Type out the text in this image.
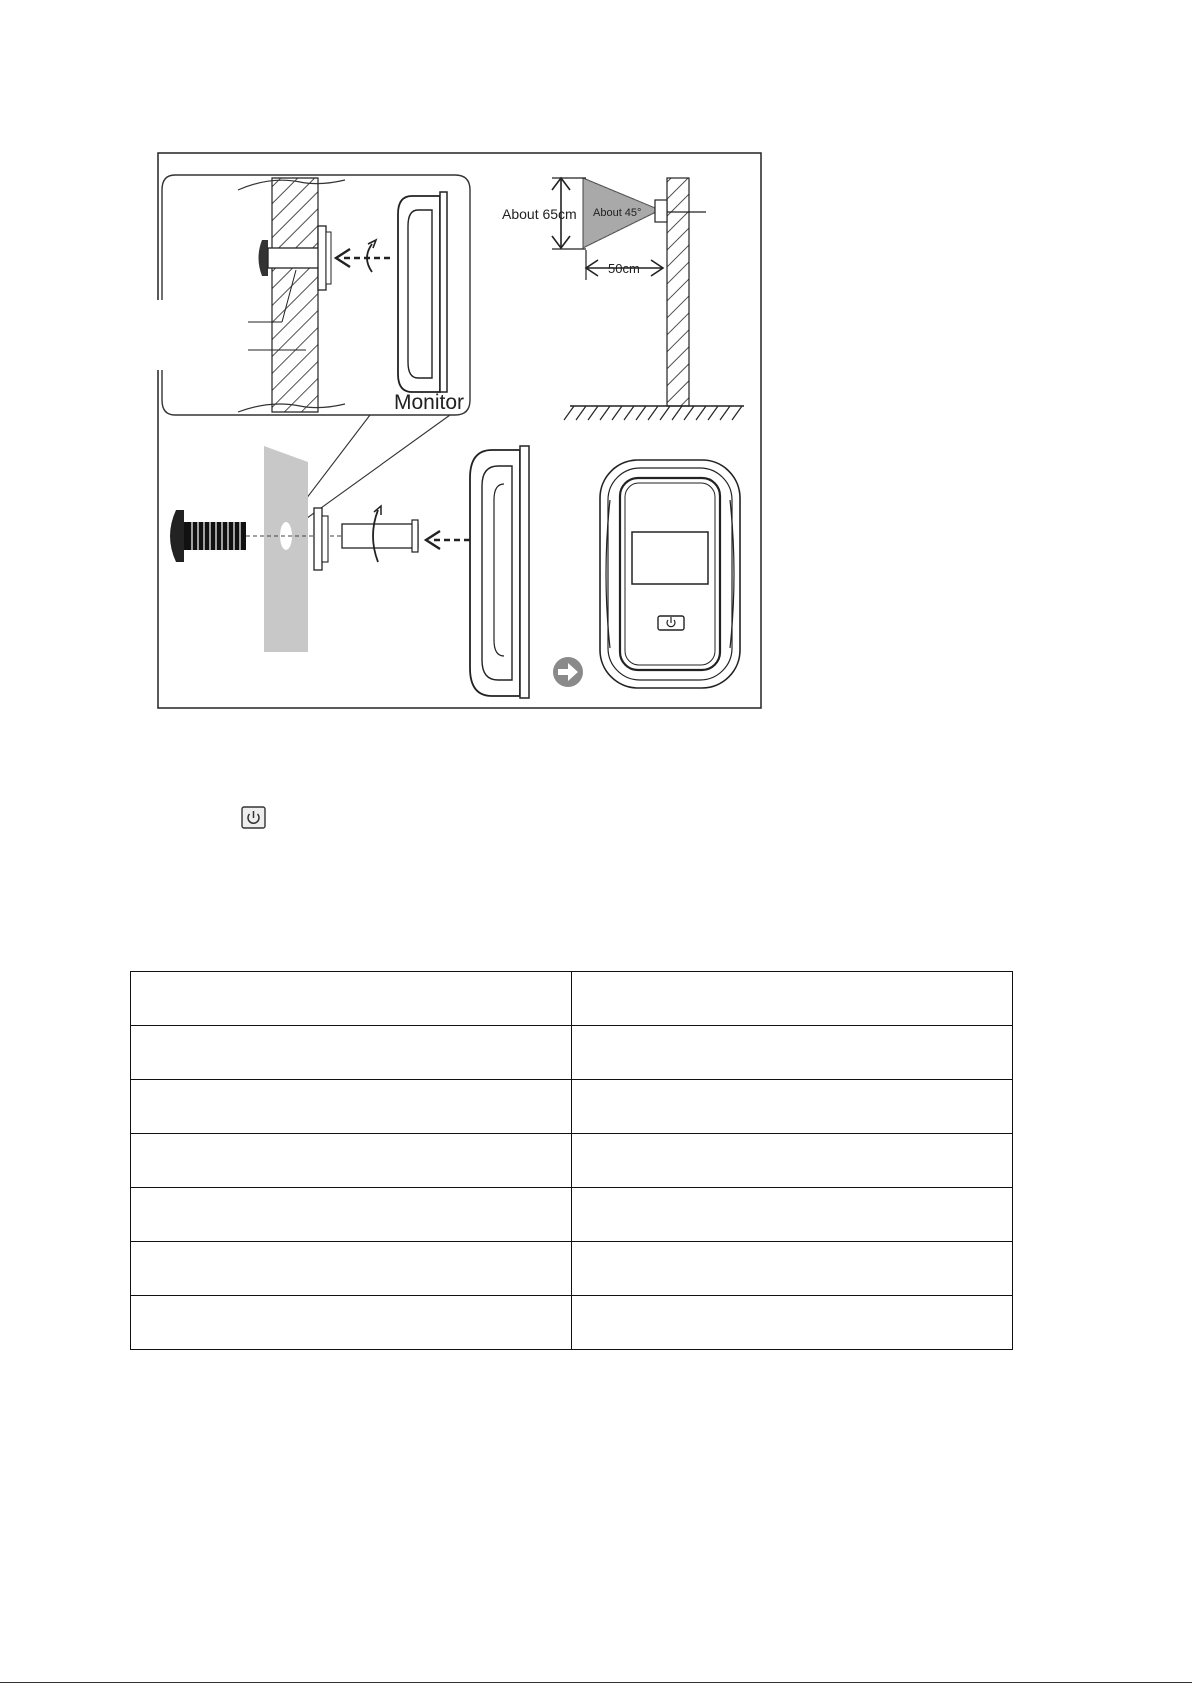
Monitor
About 45°
About 65cm
50cm
